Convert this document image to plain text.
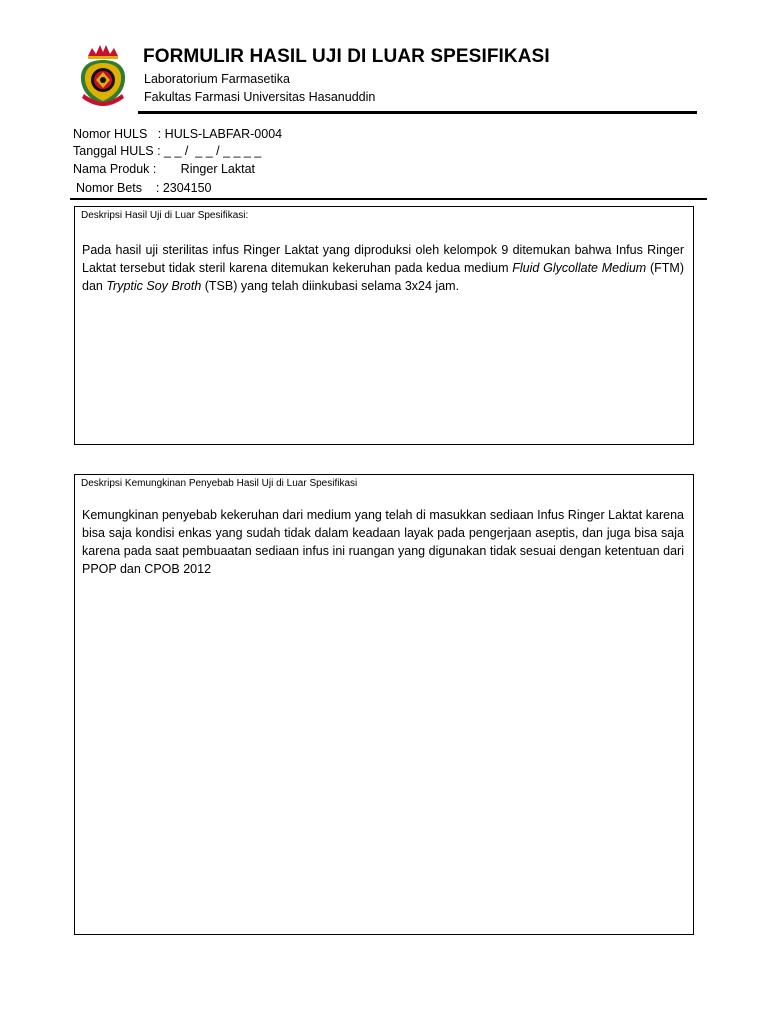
FORMULIR HASIL UJI DI LUAR SPESIFIKASI
Laboratorium Farmasetika
Fakultas Farmasi Universitas Hasanuddin
Nomor HULS   : HULS-LABFAR-0004
Tanggal HULS : _ _ /  _ _ / _ _ _ _
Nama Produk :       Ringer Laktat
Nomor Bets    : 2304150
Deskripsi Hasil Uji di Luar Spesifikasi:
Pada hasil uji sterilitas infus Ringer Laktat yang diproduksi oleh kelompok 9 ditemukan bahwa Infus Ringer Laktat tersebut tidak steril karena ditemukan kekeruhan pada kedua medium Fluid Glycollate Medium (FTM) dan Tryptic Soy Broth (TSB) yang telah diinkubasi selama 3x24 jam.
Deskripsi Kemungkinan Penyebab Hasil Uji di Luar Spesifikasi
Kemungkinan penyebab kekeruhan dari medium yang telah di masukkan sediaan Infus Ringer Laktat karena bisa saja kondisi enkas yang sudah tidak dalam keadaan layak pada pengerjaan aseptis, dan juga bisa saja karena pada saat pembuaatan sediaan infus ini ruangan yang digunakan tidak sesuai dengan ketentuan dari PPOP dan CPOB 2012
